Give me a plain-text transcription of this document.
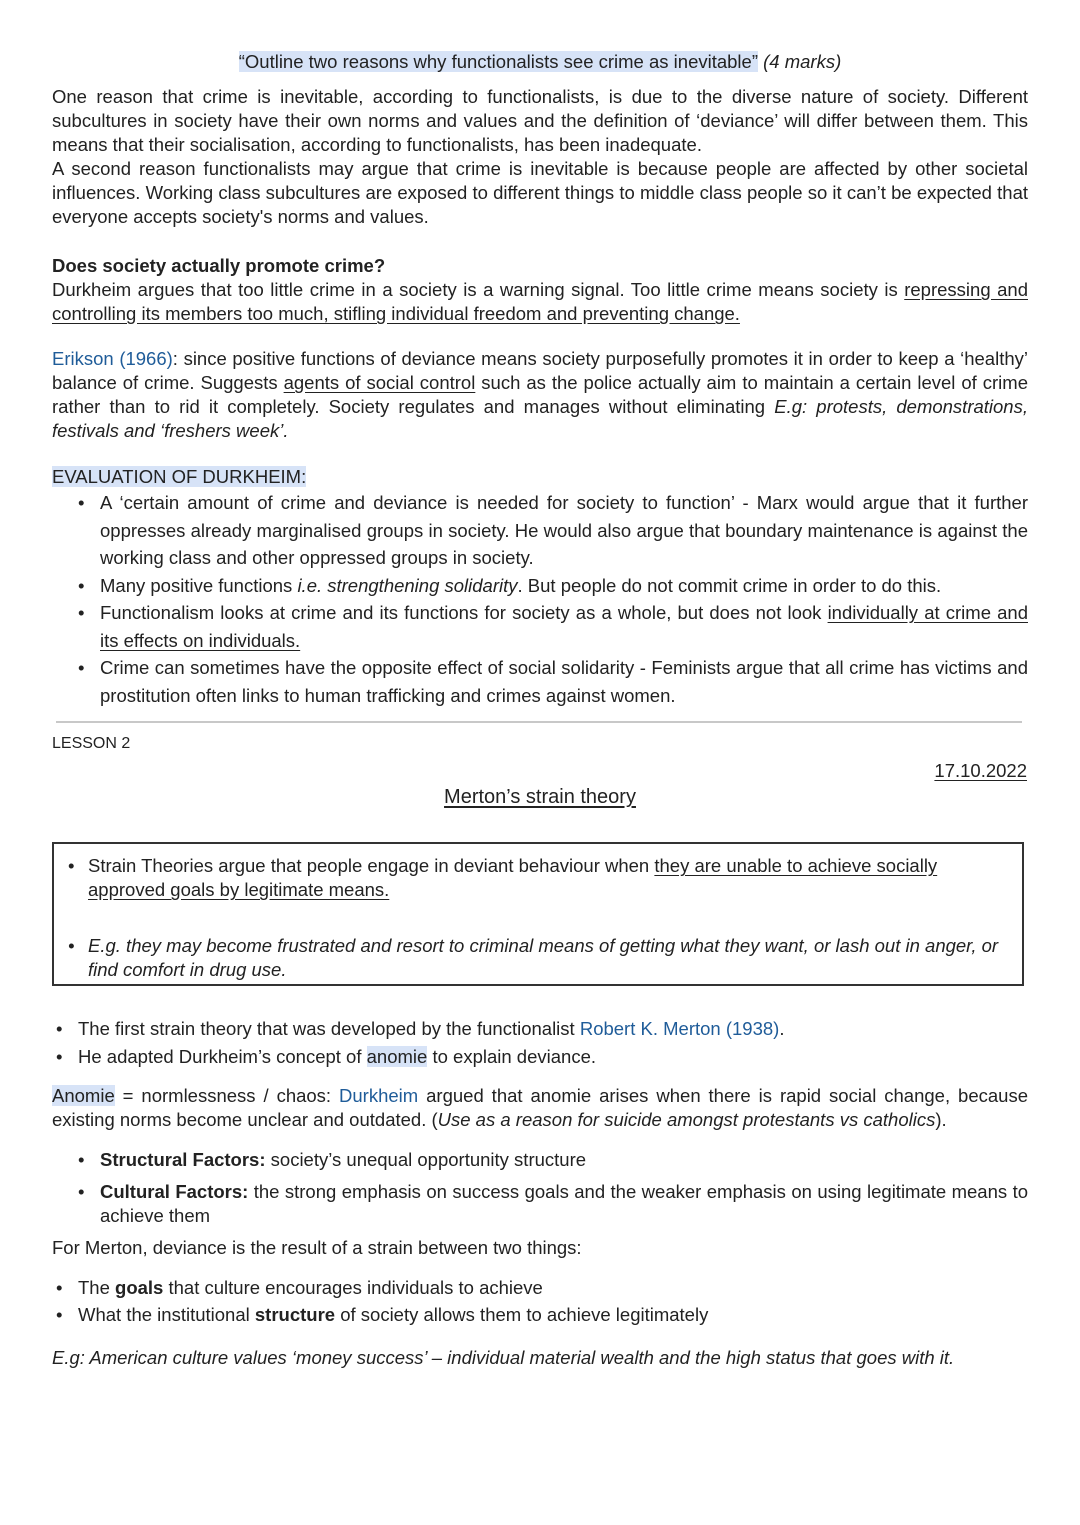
“Outline two reasons why functionalists see crime as inevitable” (4 marks)

One reason that crime is inevitable, according to functionalists, is due to the diverse nature of society. Different subcultures in society have their own norms and values and the definition of ‘deviance’ will differ between them. This means that their socialisation, according to functionalists, has been inadequate.

A second reason functionalists may argue that crime is inevitable is because people are affected by other societal influences. Working class subcultures are exposed to different things to middle class people so it can’t be expected that everyone accepts society's norms and values.

Does society actually promote crime?

Durkheim argues that too little crime in a society is a warning signal. Too little crime means society is repressing and controlling its members too much, stifling individual freedom and preventing change.

Erikson (1966): since positive functions of deviance means society purposefully promotes it in order to keep a ‘healthy’ balance of crime. Suggests agents of social control such as the police actually aim to maintain a certain level of crime rather than to rid it completely. Society regulates and manages without eliminating E.g: protests, demonstrations, festivals and ‘freshers week’.

EVALUATION OF DURKHEIM:

• A ‘certain amount of crime and deviance is needed for society to function’ - Marx would argue that it further oppresses already marginalised groups in society. He would also argue that boundary maintenance is against the working class and other oppressed groups in society.
• Many positive functions i.e. strengthening solidarity. But people do not commit crime in order to do this.
• Functionalism looks at crime and its functions for society as a whole, but does not look individually at crime and its effects on individuals.
• Crime can sometimes have the opposite effect of social solidarity - Feminists argue that all crime has victims and prostitution often links to human trafficking and crimes against women.
LESSON 2
17.10.2022
Merton’s strain theory
• Strain Theories argue that people engage in deviant behaviour when they are unable to achieve socially approved goals by legitimate means.
• E.g. they may become frustrated and resort to criminal means of getting what they want, or lash out in anger, or find comfort in drug use.
• The first strain theory that was developed by the functionalist Robert K. Merton (1938).
• He adapted Durkheim’s concept of anomie to explain deviance.

Anomie = normlessness / chaos: Durkheim argued that anomie arises when there is rapid social change, because existing norms become unclear and outdated. (Use as a reason for suicide amongst protestants vs catholics).

• Structural Factors: society’s unequal opportunity structure
• Cultural Factors: the strong emphasis on success goals and the weaker emphasis on using legitimate means to achieve them

For Merton, deviance is the result of a strain between two things:

• The goals that culture encourages individuals to achieve
• What the institutional structure of society allows them to achieve legitimately

E.g: American culture values ‘money success’ – individual material wealth and the high status that goes with it.
